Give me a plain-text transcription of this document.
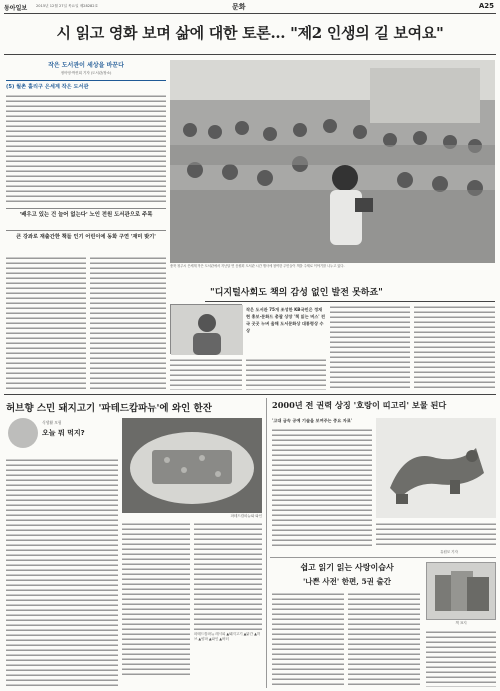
동아일보 2015년 12월 27일 목요일 제28282호	문화	A25
시 읽고 영화 보며 삶에 대한 토론… "제2 인생의 길 보여요"
작은 도서관이 세상을 바꾼다
정아영·박진희 기자 (도서관/장소)
(5) 월촌 홀리구 은세계 작은 도서관
'배우고 있는 건 늘어 없는다' 노인 전원 도서관으로 주목
큰 강좌로 재출간한 책들 인기 어린이에 동화 구연 '재미 밪기'
충북 청주시 은세계 작은 도서관에서 지난달 연 응원회 도서관 시간 행사에 참여한 주민들이 책을 주제로 이야기를 나누고 있다.
"디지털사회도 책의 감성 없인 발전 못하죠"
작은 도서관 75개 조성한 KB국민은 정재현 홍보·문화드 총괄 상장 '책 읽는 버스' 전국 곳곳 누벼 올해 도서문화상 대통령상 수상
허브향 스민 돼지고기 '파테드캄파뉴'에 와인 한잔
식생활 모험
오늘 뭐 먹지?
파테드캄파뉴와 와인
파테드캄파뉴 레시피 ▲돼지고기 ▲닭간 ▲허브 ▲양파 ▲와인 ▲버터
2000년 전 권력 상징 '호랑이 띠고리' 보물 된다
'고대 금속 공예 기술을 보여주는 중요 자료'
유원모 기자
쉽고 읽기 읽는 사랑이습사
'나쁜 사전' 한편, 5권 출간
책 표지
